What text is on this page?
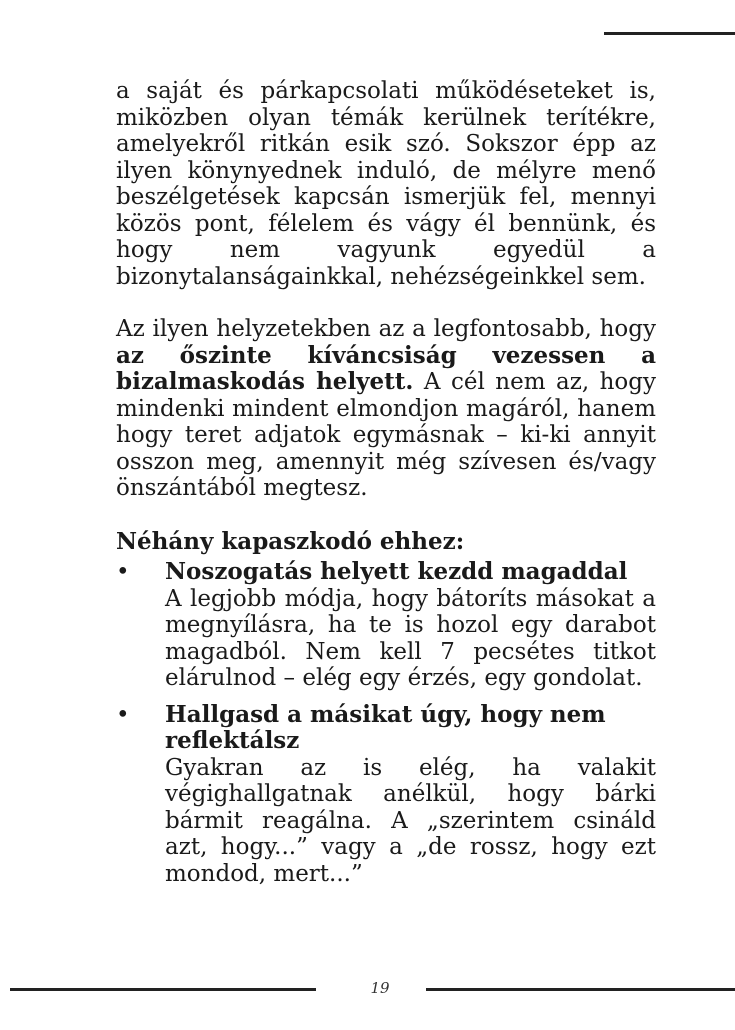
a saját és párkapcsolati működéseteket is, miközben olyan témák kerülnek terítékre, amelyekről ritkán esik szó. Sokszor épp az ilyen könynyednek induló, de mélyre menő beszélgetések kapcsán ismerjük fel, mennyi közös pont, félelem és vágy él bennünk, és hogy nem vagyunk egyedül a bizonytalanságainkkal, nehézségeinkkel sem.

Az ilyen helyzetekben az a legfontosabb, hogy az őszinte kíváncsiság vezessen a bizalmaskodás helyett. A cél nem az, hogy mindenki mindent elmondjon magáról, hanem hogy teret adjatok egymásnak – ki-ki annyit osszon meg, amennyit még szívesen és/vagy önszántából megtesz.

Néhány kapaszkodó ehhez:

• Noszogatás helyett kezdd magaddal
A legjobb módja, hogy bátoríts másokat a megnyílásra, ha te is hozol egy darabot magadból. Nem kell 7 pecsétes titkot elárulnod – elég egy érzés, egy gondolat.
• Hallgasd a másikat úgy, hogy nem reflektálsz
Gyakran az is elég, ha valakit végighallgatnak anélkül, hogy bárki bármit reagálna. A „szerintem csináld azt, hogy...” vagy a „de rossz, hogy ezt mondod, mert...”
19
